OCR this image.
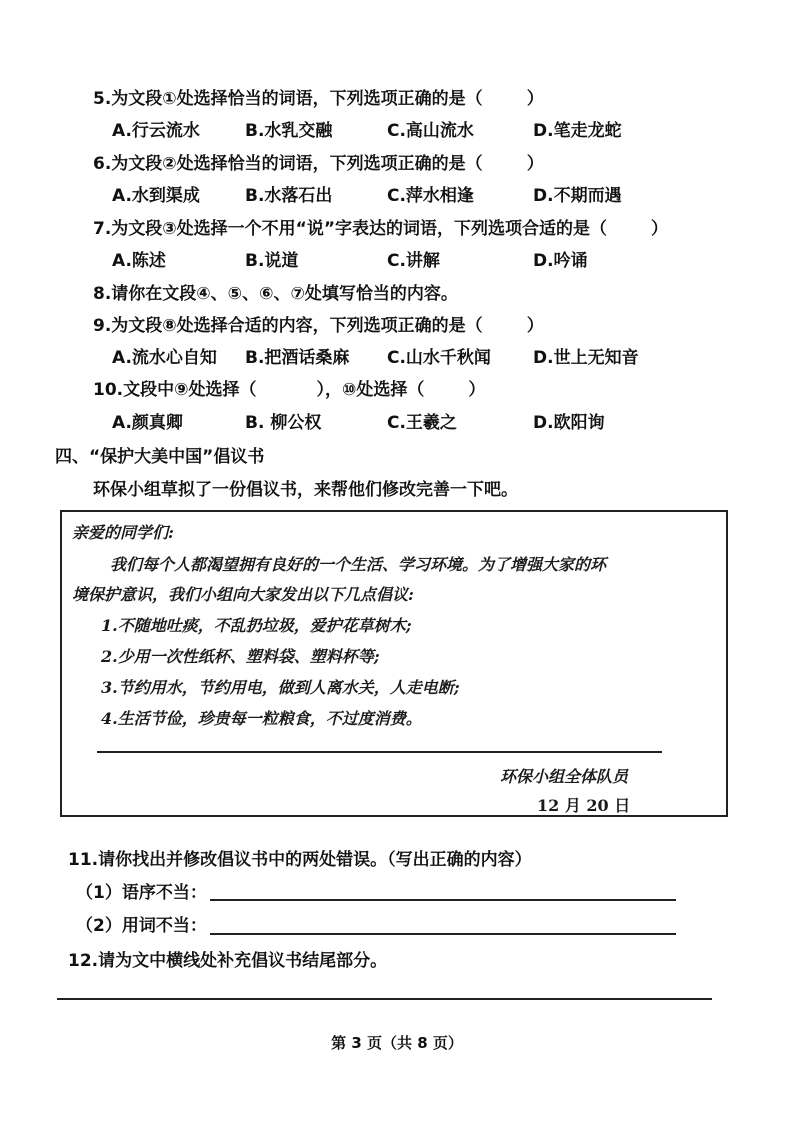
5.为文段①处选择恰当的词语，下列选项正确的是（	）
A.行云流水	B.水乳交融	C.高山流水	D.笔走龙蛇
6.为文段②处选择恰当的词语，下列选项正确的是（	）
A.水到渠成	B.水落石出	C.萍水相逢	D.不期而遇
7.为文段③处选择一个不用“说”字表达的词语，下列选项合适的是（	）
A.陈述	B.说道	C.讲解	D.吟诵
8.请你在文段④、⑤、⑥、⑦处填写恰当的内容。
9.为文段⑧处选择合适的内容，下列选项正确的是（	）
A.流水心自知 B.把酒话桑麻 C.山水千秋闻 D.世上无知音
10.文段中⑨处选择（	），⑩处选择（	）
A.颜真卿	B. 柳公权	C.王羲之	D.欧阳询
四、“保护大美中国”倡议书
环保小组草拟了一份倡议书，来帮他们修改完善一下吧。
亲爱的同学们:
我们每个人都渴望拥有良好的一个生活、学习环境。为了增强大家的环
境保护意识，我们小组向大家发出以下几点倡议:
1.不随地吐痰，不乱扔垃圾，爱护花草树木;
2.少用一次性纸杯、塑料袋、塑料杯等;
3.节约用水，节约用电，做到人离水关，人走电断;
4.生活节俭，珍贵每一粒粮食，不过度消费。
环保小组全体队员
12 月 20 日
11.请你找出并修改倡议书中的两处错误。（写出正确的内容）
（1）语序不当：
（2）用词不当：
12.请为文中横线处补充倡议书结尾部分。
第 3 页（共 8 页）
